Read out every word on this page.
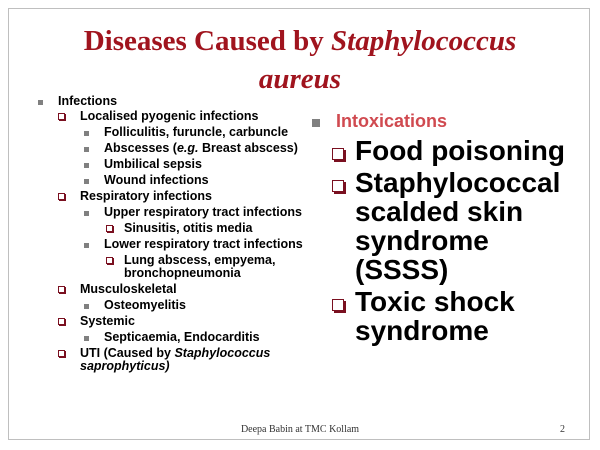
Diseases Caused by Staphylococcus
aureus
Infections
Localised pyogenic infections
Folliculitis, furuncle, carbuncle
Abscesses (e.g. Breast abscess)
Umbilical sepsis
Wound infections
Respiratory infections
Upper respiratory tract infections
Sinusitis, otitis media
Lower respiratory tract infections
Lung abscess, empyema, bronchopneumonia
Musculoskeletal
Osteomyelitis
Systemic
Septicaemia, Endocarditis
UTI (Caused by Staphylococcus saprophyticus)
Intoxications
Food poisoning
Staphylococcal scalded skin syndrome (SSSS)
Toxic shock syndrome
Deepa Babin at TMC Kollam	2
